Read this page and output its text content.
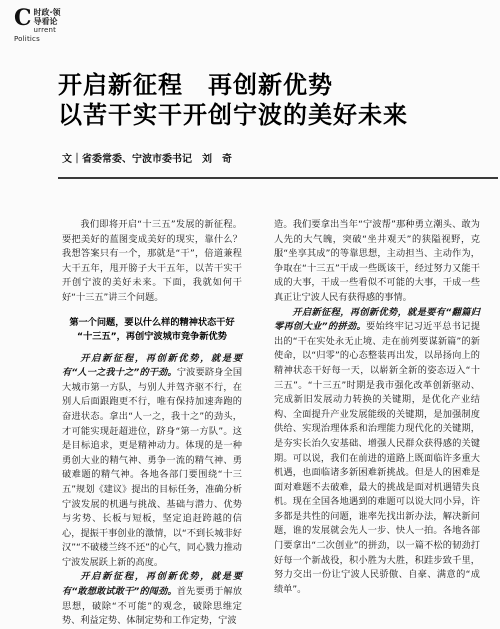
C 时政·领导看论
urrent Politics
开启新征程　再创新优势
以苦干实干开创宁波的美好未来
文｜省委常委、宁波市委书记　刘　奇

我们即将开启“十三五”发展的新征程。要把美好的蓝图变成美好的现实，靠什么？我想答案只有一个，那就是“干”，倍道兼程大干五年，甩开膀子大干五年，以苦干实干开创宁波的美好未来。下面，我就如何干好“十三五”讲三个问题。

第一个问题，要以什么样的精神状态干好
“十三五”，再创宁波城市竞争新优势

开启新征程，再创新优势，就是要有“人一之我十之”的干劲。宁波要跻身全国大城市第一方队，与别人并驾齐驱不行，在别人后面跟跑更不行，唯有保持加速奔跑的奋进状态。拿出“人一之，我十之”的劲头，才可能实现赶超进位，跻身“第一方队”。这是目标追求，更是精神动力。体现的是一种勇创大业的精气神、勇争一流的精气神、勇破难题的精气神。各地各部门要围绕“十三五”规划《建议》提出的目标任务，准确分析宁波发展的机遇与挑战、基础与潜力、优势与劣势、长板与短板，坚定追赶跨越的信心，提振干事创业的激情，以“不到长城非好汉”“不破楼兰终不还”的心气，同心戮力推动宁波发展跃上新的高度。

开启新征程，再创新优势，就是要有“敢想敢试敢干”的闯劲。首先要勇于解放思想，破除“不可能”的观念，破除思维定势、利益定势、体制定势和工作定势，宁波

造。我们要拿出当年“宁波帮”那种勇立潮头、敢为人先的大气魄，突破“坐井观天”的狭隘视野，克服“坐享其成”的等靠思想，主动担当、主动作为，争取在“十三五”干成一些既该干，经过努力又能干成的大事，干成一些看似不可能的大事，干成一些真正让宁波人民有获得感的事情。

开启新征程，再创新优势，就是要有“翻篇归零再创大业”的拼劲。要始终牢记习近平总书记提出的“干在实处永无止境、走在前列要谋新篇”的新使命，以“归零”的心态整装再出发，以昂扬向上的精神状态干好每一天，以崭新全新的姿态迈入“十三五”。“十三五”时期是我市强化改革创新驱动、完成新旧发展动力转换的关键期，是优化产业结构、全面提升产业发展能级的关键期，是加强制度供给、实现治理体系和治理能力现代化的关键期，是夯实长治久安基础、增强人民群众获得感的关键期。可以说，我们在前进的道路上既面临许多重大机遇，也面临诸多新困难新挑战。但是人的困难是面对难题不去破难，最大的挑战是面对机遇错失良机。现在全国各地遇到的难题可以说大同小异，许多都是共性的问题，谁率先找出新办法，解决新问题，谁的发展就会先人一步、快人一拍。各地各部门要拿出“二次创业”的拼劲，以一篇不松的韧劲打好每一个新战役，积小胜为大胜，积跬步致千里，努力交出一份让宁波人民骄傲、自豪、满意的“成绩单”。
